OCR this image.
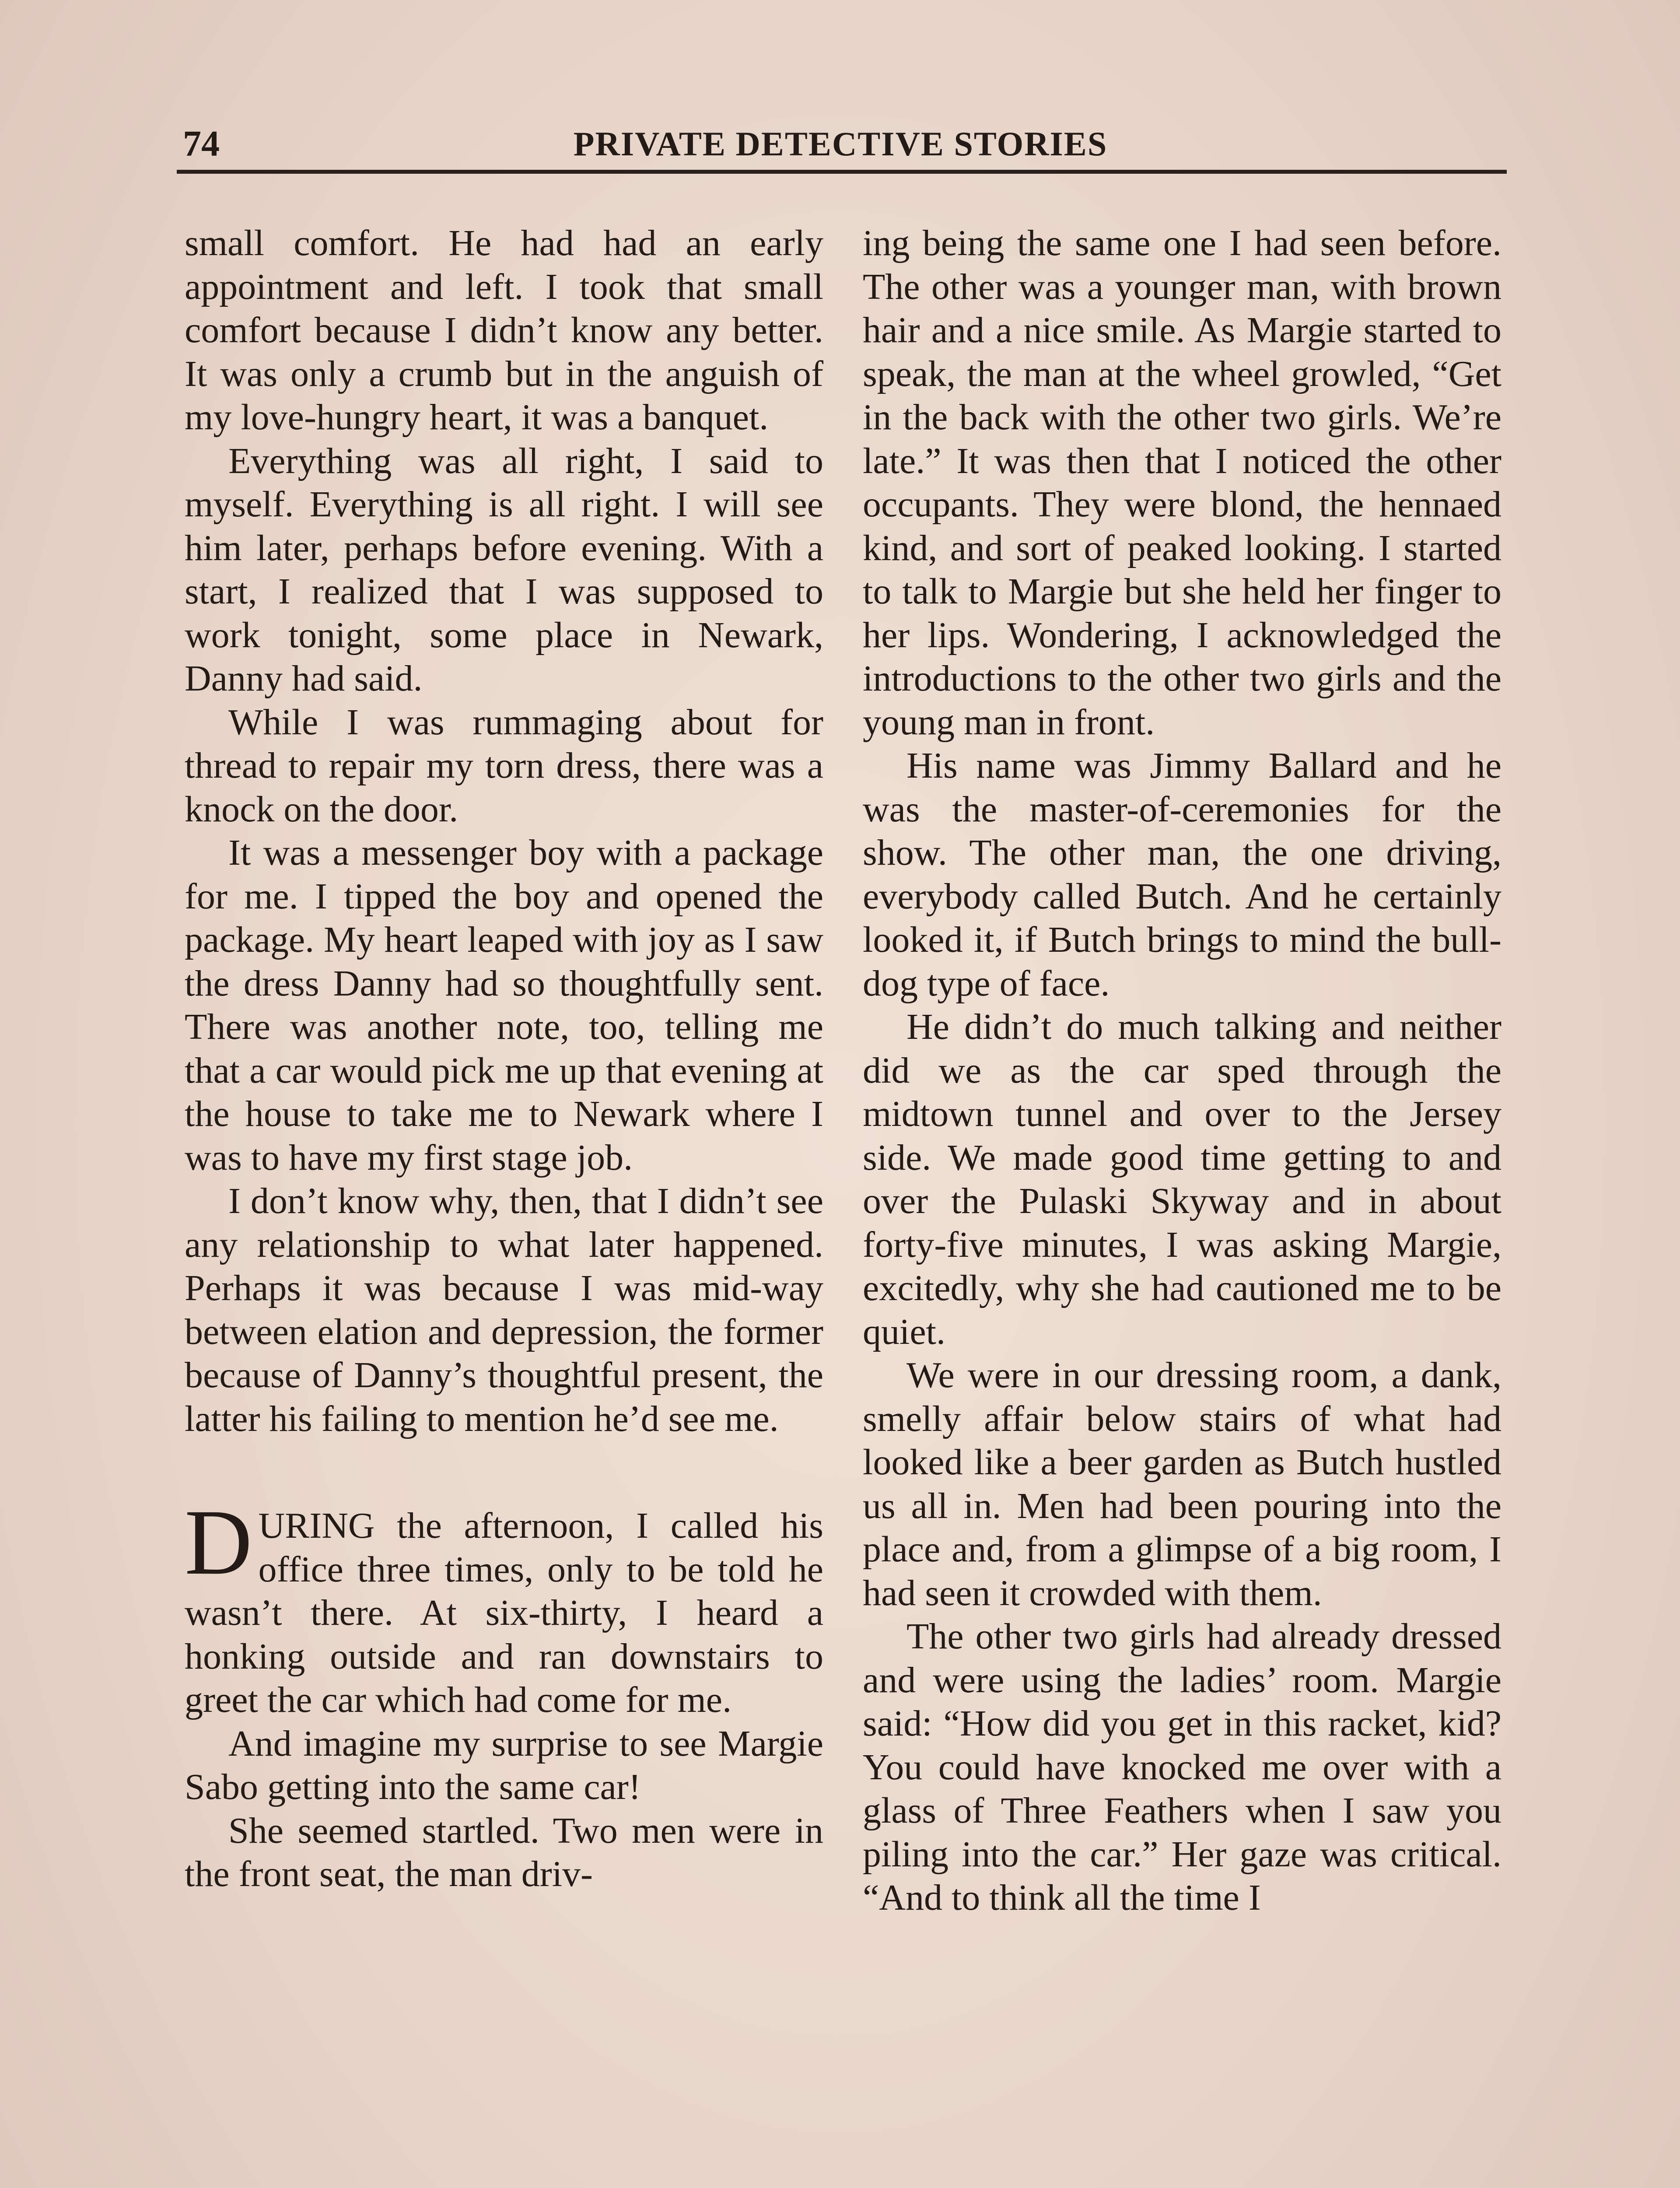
74	PRIVATE DETECTIVE STORIES

small comfort. He had had an early appointment and left. I took that small comfort because I didn’t know any better. It was only a crumb but in the anguish of my love-hungry heart, it was a banquet.

Everything was all right, I said to myself. Everything is all right. I will see him later, perhaps before evening. With a start, I realized that I was supposed to work tonight, some place in Newark, Danny had said.

While I was rummaging about for thread to repair my torn dress, there was a knock on the door.

It was a messenger boy with a package for me. I tipped the boy and opened the package. My heart leaped with joy as I saw the dress Danny had so thoughtfully sent. There was another note, too, telling me that a car would pick me up that evening at the house to take me to Newark where I was to have my first stage job.

I don’t know why, then, that I didn’t see any relationship to what later happened. Perhaps it was because I was mid-way between elation and depression, the former because of Danny’s thoughtful present, the latter his failing to mention he’d see me.

DURING the afternoon, I called his office three times, only to be told he wasn’t there. At six-thirty, I heard a honking outside and ran downstairs to greet the car which had come for me.

And imagine my surprise to see Margie Sabo getting into the same car!

She seemed startled. Two men were in the front seat, the man driv-

ing being the same one I had seen before. The other was a younger man, with brown hair and a nice smile. As Margie started to speak, the man at the wheel growled, “Get in the back with the other two girls. We’re late.” It was then that I noticed the other occupants. They were blond, the hennaed kind, and sort of peaked looking. I started to talk to Margie but she held her finger to her lips. Wondering, I acknowledged the introductions to the other two girls and the young man in front.

His name was Jimmy Ballard and he was the master-of-ceremonies for the show. The other man, the one driving, everybody called Butch. And he certainly looked it, if Butch brings to mind the bull-dog type of face.

He didn’t do much talking and neither did we as the car sped through the midtown tunnel and over to the Jersey side. We made good time getting to and over the Pulaski Skyway and in about forty-five minutes, I was asking Margie, excitedly, why she had cautioned me to be quiet.

We were in our dressing room, a dank, smelly affair below stairs of what had looked like a beer garden as Butch hustled us all in. Men had been pouring into the place and, from a glimpse of a big room, I had seen it crowded with them.

The other two girls had already dressed and were using the ladies’ room. Margie said: “How did you get in this racket, kid? You could have knocked me over with a glass of Three Feathers when I saw you piling into the car.” Her gaze was critical. “And to think all the time I
